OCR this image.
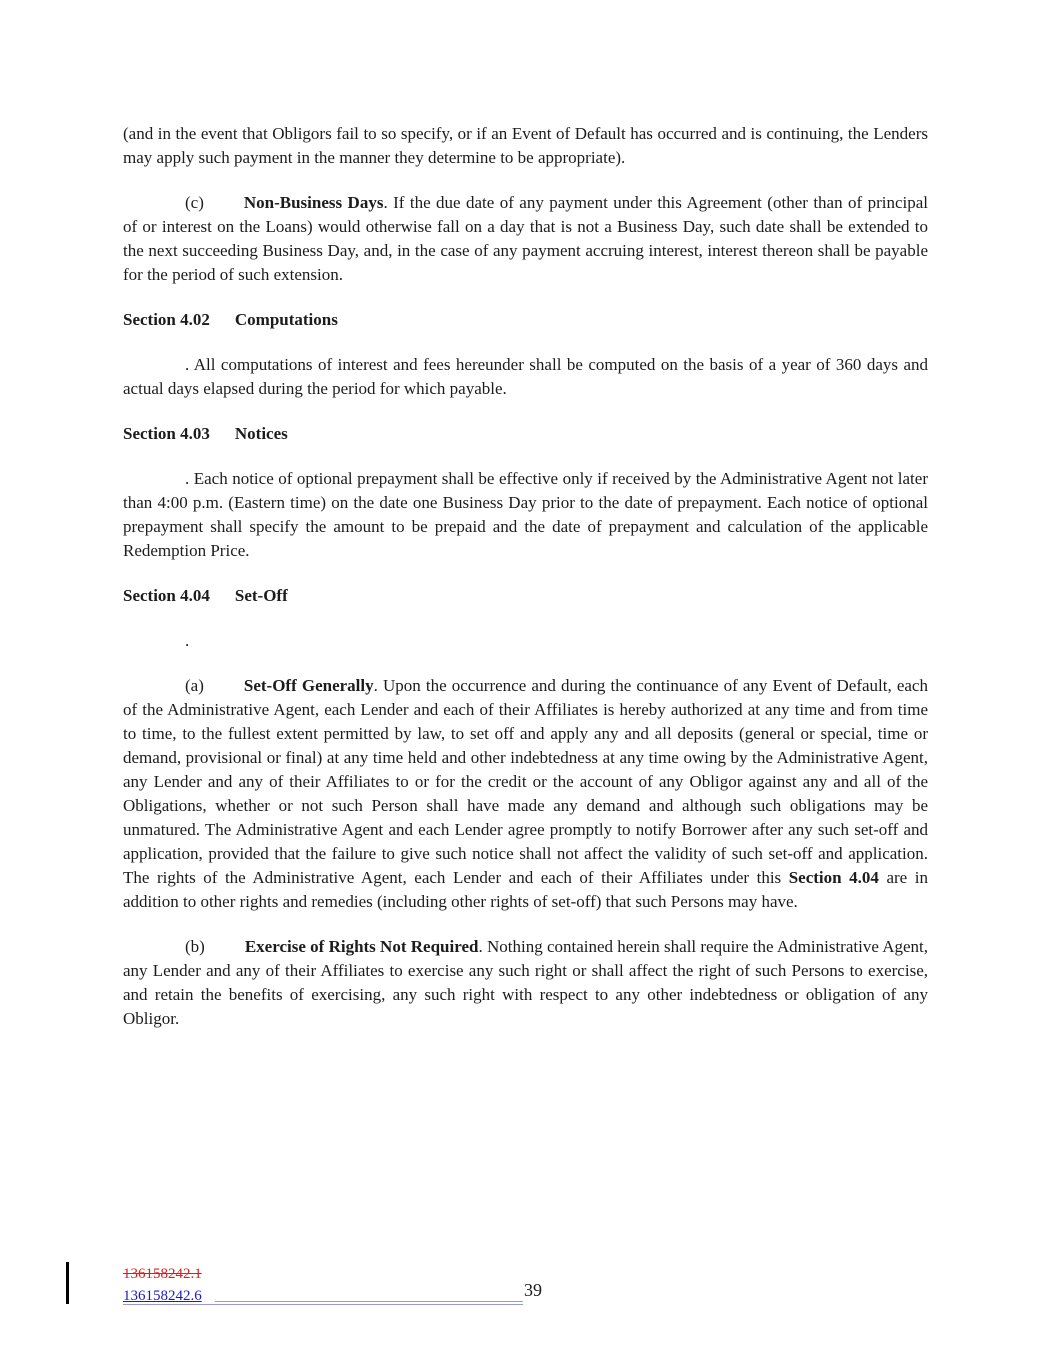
(and in the event that Obligors fail to so specify, or if an Event of Default has occurred and is continuing, the Lenders may apply such payment in the manner they determine to be appropriate).

(c) Non-Business Days. If the due date of any payment under this Agreement (other than of principal of or interest on the Loans) would otherwise fall on a day that is not a Business Day, such date shall be extended to the next succeeding Business Day, and, in the case of any payment accruing interest, interest thereon shall be payable for the period of such extension.

Section 4.02 Computations

. All computations of interest and fees hereunder shall be computed on the basis of a year of 360 days and actual days elapsed during the period for which payable.

Section 4.03 Notices

. Each notice of optional prepayment shall be effective only if received by the Administrative Agent not later than 4:00 p.m. (Eastern time) on the date one Business Day prior to the date of prepayment. Each notice of optional prepayment shall specify the amount to be prepaid and the date of prepayment and calculation of the applicable Redemption Price.

Section 4.04 Set-Off

.

(a) Set-Off Generally. Upon the occurrence and during the continuance of any Event of Default, each of the Administrative Agent, each Lender and each of their Affiliates is hereby authorized at any time and from time to time, to the fullest extent permitted by law, to set off and apply any and all deposits (general or special, time or demand, provisional or final) at any time held and other indebtedness at any time owing by the Administrative Agent, any Lender and any of their Affiliates to or for the credit or the account of any Obligor against any and all of the Obligations, whether or not such Person shall have made any demand and although such obligations may be unmatured. The Administrative Agent and each Lender agree promptly to notify Borrower after any such set-off and application, provided that the failure to give such notice shall not affect the validity of such set-off and application. The rights of the Administrative Agent, each Lender and each of their Affiliates under this Section 4.04 are in addition to other rights and remedies (including other rights of set-off) that such Persons may have.

(b) Exercise of Rights Not Required. Nothing contained herein shall require the Administrative Agent, any Lender and any of their Affiliates to exercise any such right or shall affect the right of such Persons to exercise, and retain the benefits of exercising, any such right with respect to any other indebtedness or obligation of any Obligor.

136158242.1
136158242.6	39
